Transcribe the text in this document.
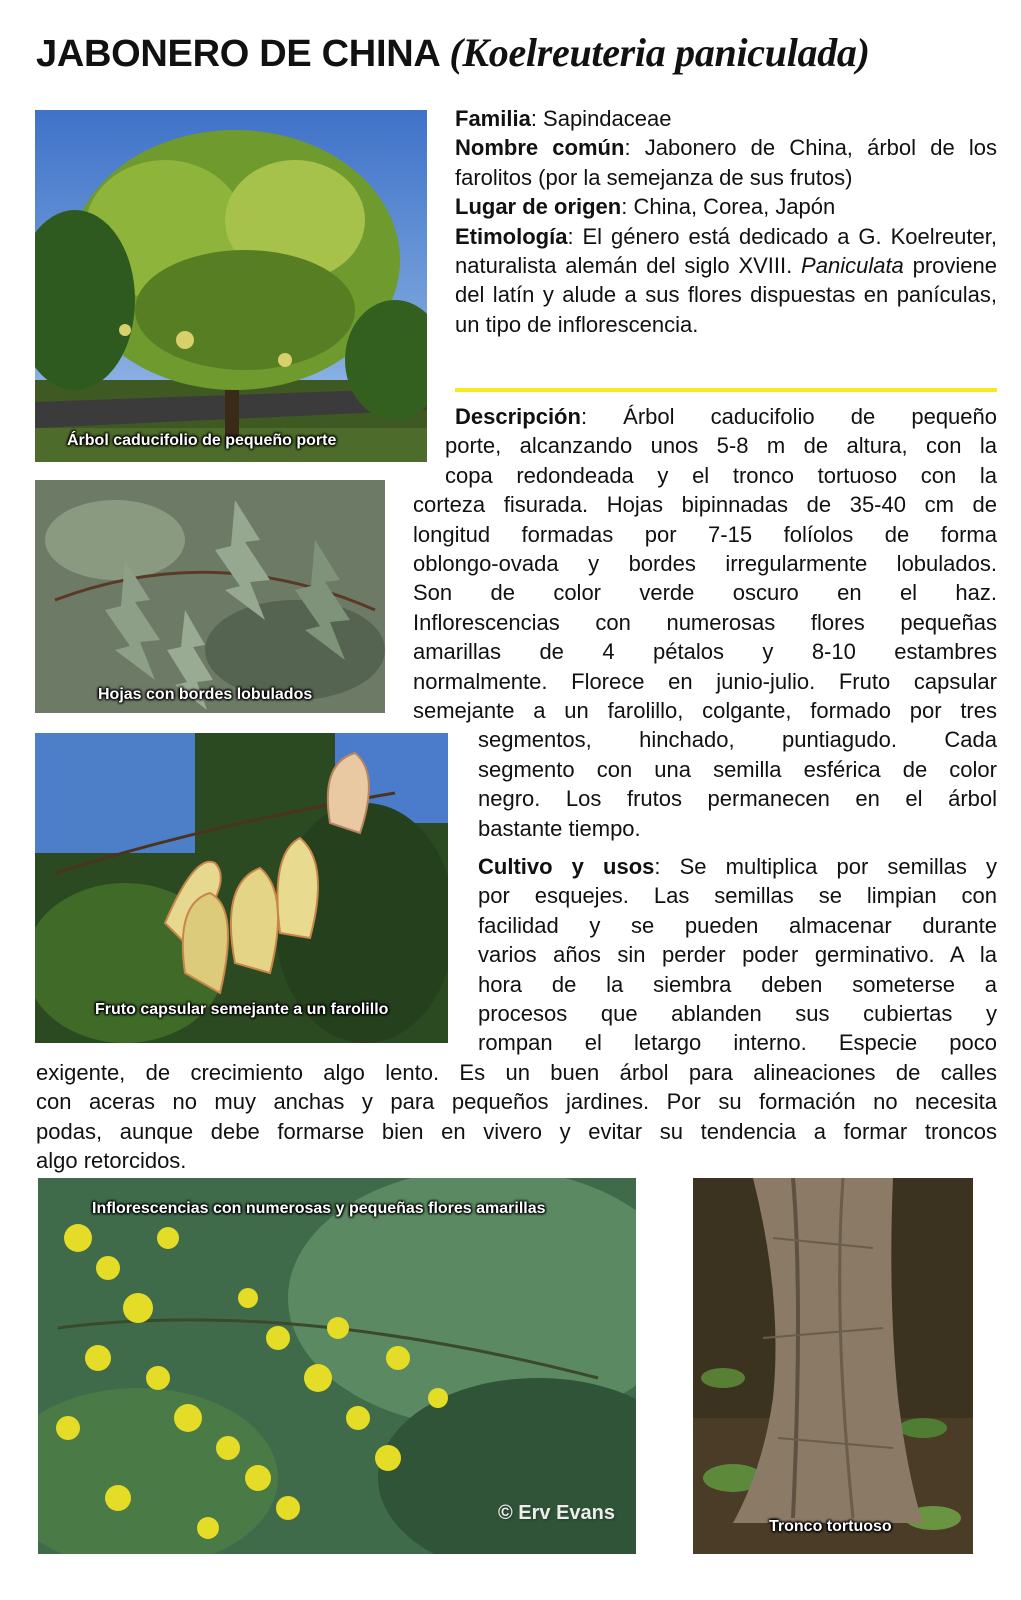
JABONERO DE CHINA (Koelreuteria paniculada)
Árbol caducifolio de pequeño porte
Hojas con bordes lobulados
Fruto capsular semejante a un farolillo
Familia: Sapindaceae
Nombre común: Jabonero de China, árbol de los farolitos (por la semejanza de sus frutos)
Lugar de origen: China, Corea, Japón
Etimología: El género está dedicado a G. Koelreuter, naturalista alemán del siglo XVIII. Paniculata proviene del latín y alude a sus flores dispuestas en panículas, un tipo de inflorescencia.
Descripción: Árbol caducifolio de pequeño
porte, alcanzando unos 5-8 m de altura, con la
copa redondeada y el tronco tortuoso con la
corteza fisurada. Hojas bipinnadas de 35-40 cm de
longitud formadas por 7-15 folíolos de forma
oblongo-ovada y bordes irregularmente lobulados.
Son de color verde oscuro en el haz.
Inflorescencias con numerosas flores pequeñas
amarillas de 4 pétalos y 8-10 estambres
normalmente. Florece en junio-julio. Fruto capsular
semejante a un farolillo, colgante, formado por tres
segmentos, hinchado, puntiagudo. Cada
segmento con una semilla esférica de color
negro. Los frutos permanecen en el árbol
bastante tiempo.
Cultivo y usos: Se multiplica por semillas y
por esquejes. Las semillas se limpian con
facilidad y se pueden almacenar durante
varios años sin perder poder germinativo. A la
hora de la siembra deben someterse a
procesos que ablanden sus cubiertas y
rompan el letargo interno. Especie poco
exigente, de crecimiento algo lento. Es un buen árbol para alineaciones de calles
con aceras no muy anchas y para pequeños jardines. Por su formación no necesita
podas, aunque debe formarse bien en vivero y evitar su tendencia a formar troncos
algo retorcidos.
Inflorescencias con numerosas y pequeñas flores amarillas
© Erv Evans
Tronco tortuoso
